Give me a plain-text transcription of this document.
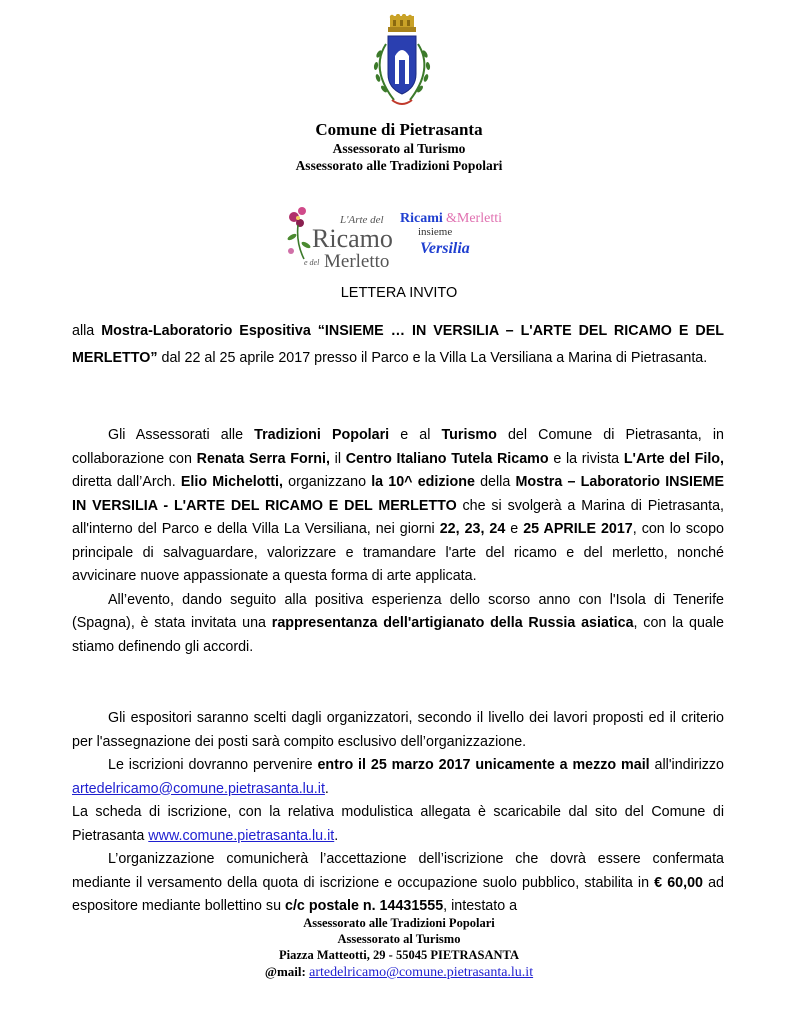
Comune di Pietrasanta
Assessorato al Turismo
Assessorato alle Tradizioni Popolari
L'Arte del
Ricamo
e del Merletto
Ricami &Merletti
insieme
Versilia
LETTERA INVITO

alla Mostra-Laboratorio Espositiva “INSIEME … IN VERSILIA – L'ARTE DEL RICAMO E DEL MERLETTO” dal 22 al 25 aprile 2017 presso il Parco e la Villa La Versiliana a Marina di Pietrasanta.

Gli Assessorati alle Tradizioni Popolari e al Turismo del Comune di Pietrasanta, in collaborazione con Renata Serra Forni, il Centro Italiano Tutela Ricamo e la rivista L'Arte del Filo, diretta dall’Arch. Elio Michelotti, organizzano la 10^ edizione della Mostra – Laboratorio INSIEME IN VERSILIA - L'ARTE DEL RICAMO E DEL MERLETTO che si svolgerà a Marina di Pietrasanta, all'interno del Parco e della Villa La Versiliana, nei giorni 22, 23, 24 e 25 APRILE 2017, con lo scopo principale di salvaguardare, valorizzare e tramandare l'arte del ricamo e del merletto, nonché avvicinare nuove appassionate a questa forma di arte applicata.

All’evento, dando seguito alla positiva esperienza dello scorso anno con l'Isola di Tenerife (Spagna), è stata invitata una rappresentanza dell'artigianato della Russia asiatica, con la quale stiamo definendo gli accordi.

Gli espositori saranno scelti dagli organizzatori, secondo il livello dei lavori proposti ed il criterio per l'assegnazione dei posti sarà compito esclusivo dell’organizzazione.

Le iscrizioni dovranno pervenire entro il 25 marzo 2017 unicamente a mezzo mail all'indirizzo artedelricamo@comune.pietrasanta.lu.it.

La scheda di iscrizione, con la relativa modulistica allegata è scaricabile dal sito del Comune di Pietrasanta www.comune.pietrasanta.lu.it.

L’organizzazione comunicherà l’accettazione dell’iscrizione che dovrà essere confermata mediante il versamento della quota di iscrizione e occupazione suolo pubblico, stabilita in € 60,00 ad espositore mediante bollettino su c/c postale n. 14431555, intestato a

Assessorato alle Tradizioni Popolari
Assessorato al Turismo
Piazza Matteotti, 29 - 55045 PIETRASANTA
@mail: artedelricamo@comune.pietrasanta.lu.it
